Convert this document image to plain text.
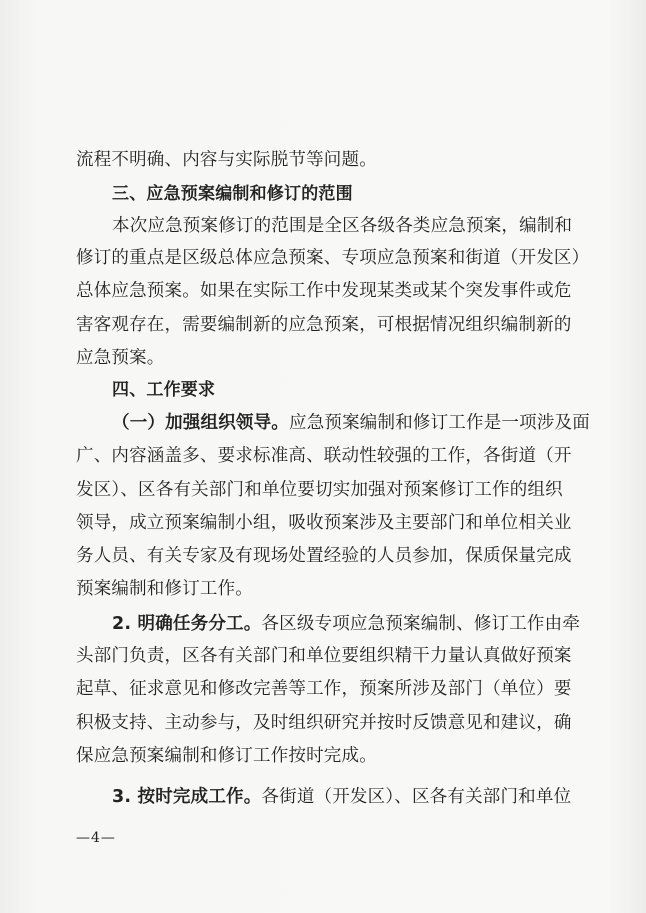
流程不明确、内容与实际脱节等问题。
三、应急预案编制和修订的范围
本次应急预案修订的范围是全区各级各类应急预案，编制和
修订的重点是区级总体应急预案、专项应急预案和街道（开发区）
总体应急预案。如果在实际工作中发现某类或某个突发事件或危
害客观存在，需要编制新的应急预案，可根据情况组织编制新的
应急预案。
四、工作要求
（一）加强组织领导。应急预案编制和修订工作是一项涉及面
广、内容涵盖多、要求标准高、联动性较强的工作，各街道（开
发区）、区各有关部门和单位要切实加强对预案修订工作的组织
领导，成立预案编制小组，吸收预案涉及主要部门和单位相关业
务人员、有关专家及有现场处置经验的人员参加，保质保量完成
预案编制和修订工作。
2. 明确任务分工。各区级专项应急预案编制、修订工作由牵
头部门负责，区各有关部门和单位要组织精干力量认真做好预案
起草、征求意见和修改完善等工作，预案所涉及部门（单位）要
积极支持、主动参与，及时组织研究并按时反馈意见和建议，确
保应急预案编制和修订工作按时完成。
3. 按时完成工作。各街道（开发区）、区各有关部门和单位
—4—
